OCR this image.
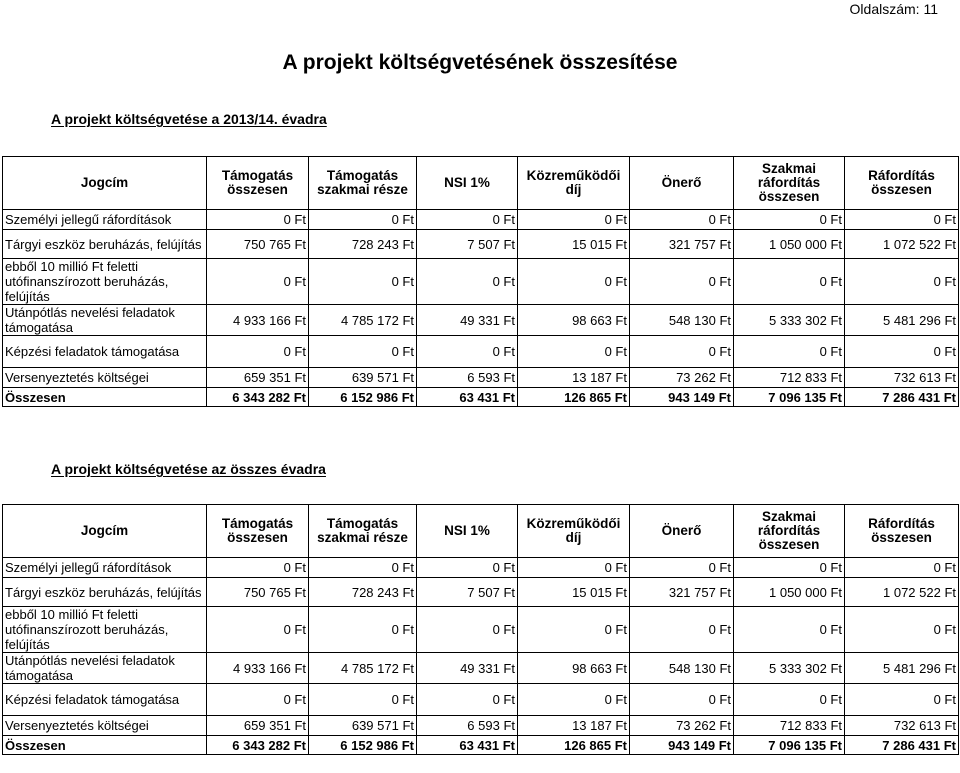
Oldalszám: 11
A projekt költségvetésének összesítése
A projekt költségvetése a 2013/14. évadra
Jogcím	Támogatás összesen	Támogatás szakmai része	NSI 1%	Közreműködői díj	Önerő	Szakmai ráfordítás összesen	Ráfordítás összesen
Személyi jellegű ráfordítások	0 Ft	0 Ft	0 Ft	0 Ft	0 Ft	0 Ft	0 Ft
Tárgyi eszköz beruházás, felújítás	750 765 Ft	728 243 Ft	7 507 Ft	15 015 Ft	321 757 Ft	1 050 000 Ft	1 072 522 Ft
ebből 10 millió Ft feletti utófinanszírozott beruházás, felújítás	0 Ft	0 Ft	0 Ft	0 Ft	0 Ft	0 Ft	0 Ft
Utánpótlás nevelési feladatok támogatása	4 933 166 Ft	4 785 172 Ft	49 331 Ft	98 663 Ft	548 130 Ft	5 333 302 Ft	5 481 296 Ft
Képzési feladatok támogatása	0 Ft	0 Ft	0 Ft	0 Ft	0 Ft	0 Ft	0 Ft
Versenyeztetés költségei	659 351 Ft	639 571 Ft	6 593 Ft	13 187 Ft	73 262 Ft	712 833 Ft	732 613 Ft
Összesen	6 343 282 Ft	6 152 986 Ft	63 431 Ft	126 865 Ft	943 149 Ft	7 096 135 Ft	7 286 431 Ft
A projekt költségvetése az összes évadra
Jogcím	Támogatás összesen	Támogatás szakmai része	NSI 1%	Közreműködői díj	Önerő	Szakmai ráfordítás összesen	Ráfordítás összesen
Személyi jellegű ráfordítások	0 Ft	0 Ft	0 Ft	0 Ft	0 Ft	0 Ft	0 Ft
Tárgyi eszköz beruházás, felújítás	750 765 Ft	728 243 Ft	7 507 Ft	15 015 Ft	321 757 Ft	1 050 000 Ft	1 072 522 Ft
ebből 10 millió Ft feletti utófinanszírozott beruházás, felújítás	0 Ft	0 Ft	0 Ft	0 Ft	0 Ft	0 Ft	0 Ft
Utánpótlás nevelési feladatok támogatása	4 933 166 Ft	4 785 172 Ft	49 331 Ft	98 663 Ft	548 130 Ft	5 333 302 Ft	5 481 296 Ft
Képzési feladatok támogatása	0 Ft	0 Ft	0 Ft	0 Ft	0 Ft	0 Ft	0 Ft
Versenyeztetés költségei	659 351 Ft	639 571 Ft	6 593 Ft	13 187 Ft	73 262 Ft	712 833 Ft	732 613 Ft
Összesen	6 343 282 Ft	6 152 986 Ft	63 431 Ft	126 865 Ft	943 149 Ft	7 096 135 Ft	7 286 431 Ft
